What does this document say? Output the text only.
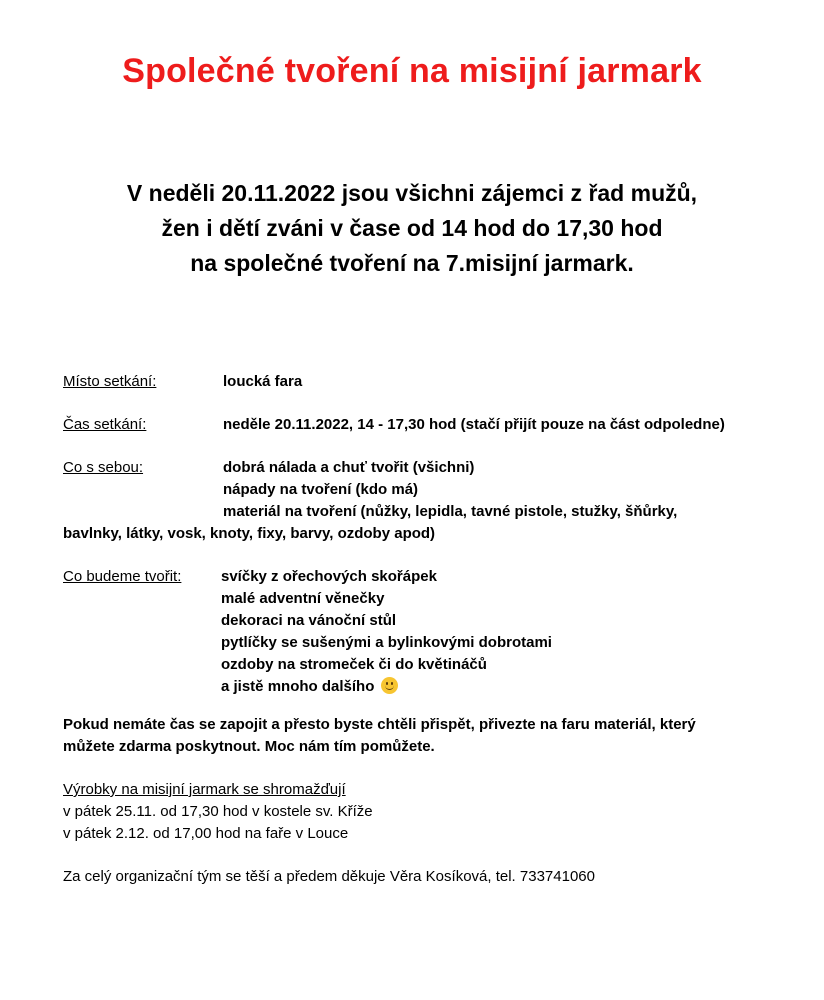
Společné tvoření na misijní jarmark
V neděli 20.11.2022 jsou všichni zájemci z řad mužů,
žen i dětí zváni v čase od 14 hod do 17,30 hod
na společné tvoření na 7.misijní jarmark.
Místo setkání:	loucká fara
Čas setkání:	neděle 20.11.2022, 14 - 17,30 hod (stačí přijít pouze na část odpoledne)
Co s sebou:	dobrá nálada a chuť tvořit (všichni)
nápady na tvoření (kdo má)
materiál na tvoření (nůžky, lepidla, tavné pistole, stužky, šňůrky,
bavlnky, látky, vosk, knoty, fixy, barvy, ozdoby apod)
Co budeme tvořit:	svíčky z ořechových skořápek
malé adventní věnečky
dekoraci na vánoční stůl
pytlíčky se sušenými a bylinkovými dobrotami
ozdoby na stromeček či do květináčů
a jistě mnoho dalšího
Pokud nemáte čas se zapojit a přesto byste chtěli přispět, přivezte na faru materiál, který
můžete zdarma poskytnout. Moc nám tím pomůžete.
Výrobky na misijní jarmark se shromažďují
v pátek 25.11. od 17,30 hod v kostele sv. Kříže
v pátek 2.12. od 17,00 hod na faře v Louce
Za celý organizační tým se těší a předem děkuje Věra Kosíková, tel. 733741060
